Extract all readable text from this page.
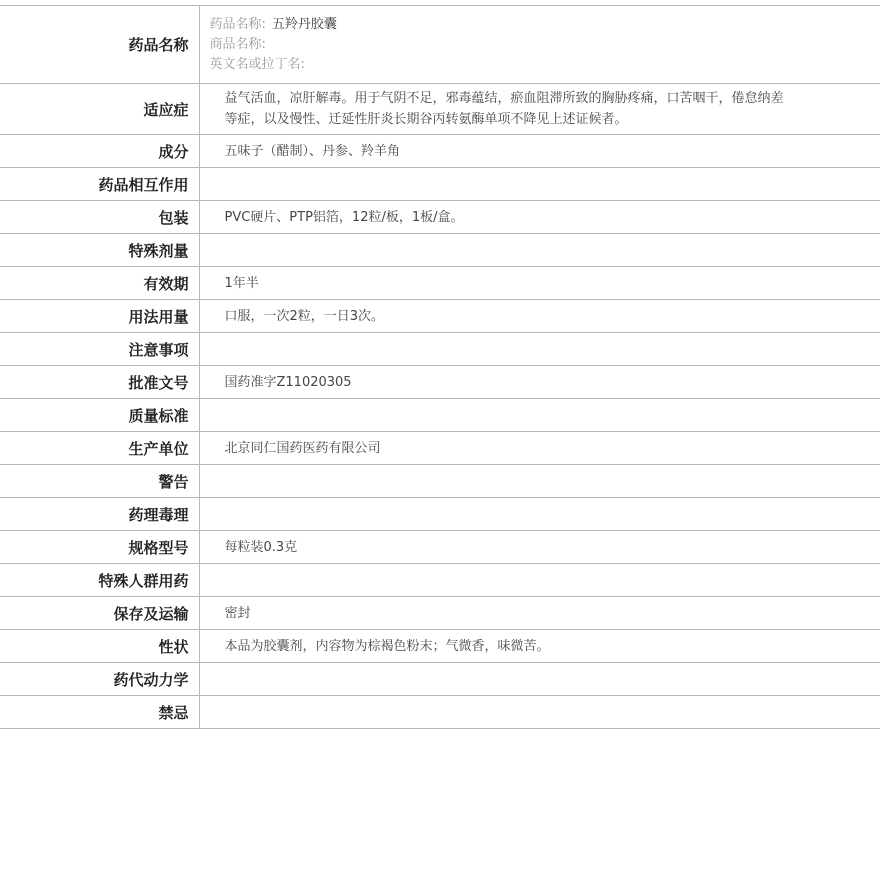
药品名称	药品名称: 五羚丹胶囊
商品名称:
英文名或拉丁名:

适应症	益气活血，凉肝解毒。用于气阴不足，邪毒蕴结，瘀血阻滞所致的胸胁疼痛，口苦咽干，倦怠纳差等症，以及慢性、迁延性肝炎长期谷丙转氨酶单项不降见上述证候者。

成分	五味子（醋制）、丹参、羚羊角
药品相互作用	
包装	PVC硬片、PTP铝箔，12粒/板，1板/盒。
特殊剂量	
有效期	1年半
用法用量	口服，一次2粒，一日3次。
注意事项	
批准文号	国药准字Z11020305
质量标准	
生产单位	北京同仁国药医药有限公司
警告	
药理毒理	
规格型号	每粒装0.3克
特殊人群用药	
保存及运输	密封
性状	本品为胶囊剂，内容物为棕褐色粉末；气微香，味微苦。
药代动力学	
禁忌	
